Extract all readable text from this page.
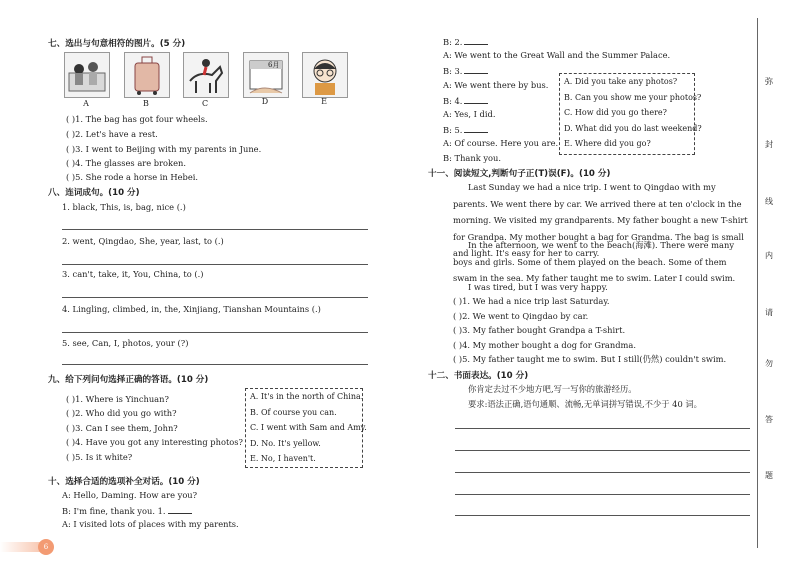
七、选出与句意相符的图片。(5 分)
6月
A	B	C	D	E
( )1. The bag has got four wheels.
( )2. Let's have a rest.
( )3. I went to Beijing with my parents in June.
( )4. The glasses are broken.
( )5. She rode a horse in Hebei.
八、连词成句。(10 分)
1. black, This, is, bag, nice (.)
2. went, Qingdao, She, year, last, to (.)
3. can't, take, it, You, China, to (.)
4. Lingling, climbed, in, the, Xinjiang, Tianshan Mountains (.)
5. see, Can, I, photos, your (?)
九、给下列问句选择正确的答语。(10 分)
( )1. Where is Yinchuan?
( )2. Who did you go with?
( )3. Can I see them, John?
( )4. Have you got any interesting photos?
( )5. Is it white?
A. It's in the north of China.
B. Of course you can.
C. I went with Sam and Amy.
D. No. It's yellow.
E. No, I haven't.
十、选择合适的选项补全对话。(10 分)
A: Hello, Daming. How are you?
B: I'm fine, thank you. 1.
A: I visited lots of places with my parents.
B: 2.
A: We went to the Great Wall and the Summer Palace.
B: 3.
A: We went there by bus.
B: 4.
A: Yes, I did.
B: 5.
A: Of course. Here you are.
B: Thank you.
A. Did you take any photos?
B. Can you show me your photos?
C. How did you go there?
D. What did you do last weekend?
E. Where did you go?
十一、阅读短文,判断句子正(T)误(F)。(10 分)
Last Sunday we had a nice trip. I went to Qingdao with my parents. We went there by car. We arrived there at ten o'clock in the morning. We visited my grandparents. My father bought a new T-shirt for Grandpa. My mother bought a bag for Grandma. The bag is small and light. It's easy for her to carry.
In the afternoon, we went to the beach(海滩). There were many boys and girls. Some of them played on the beach. Some of them swam in the sea. My father taught me to swim. Later I could swim.
I was tired, but I was very happy.
( )1. We had a nice trip last Saturday.
( )2. We went to Qingdao by car.
( )3. My father bought Grandpa a T-shirt.
( )4. My mother bought a dog for Grandma.
( )5. My father taught me to swim. But I still(仍然) couldn't swim.
十二、书面表达。(10 分)
你肯定去过不少地方吧,写一写你的旅游经历。
要求:语法正确,语句通顺、流畅,无单词拼写错误,不少于 40 词。
弥
封
线
内
请
勿
答
题
6
